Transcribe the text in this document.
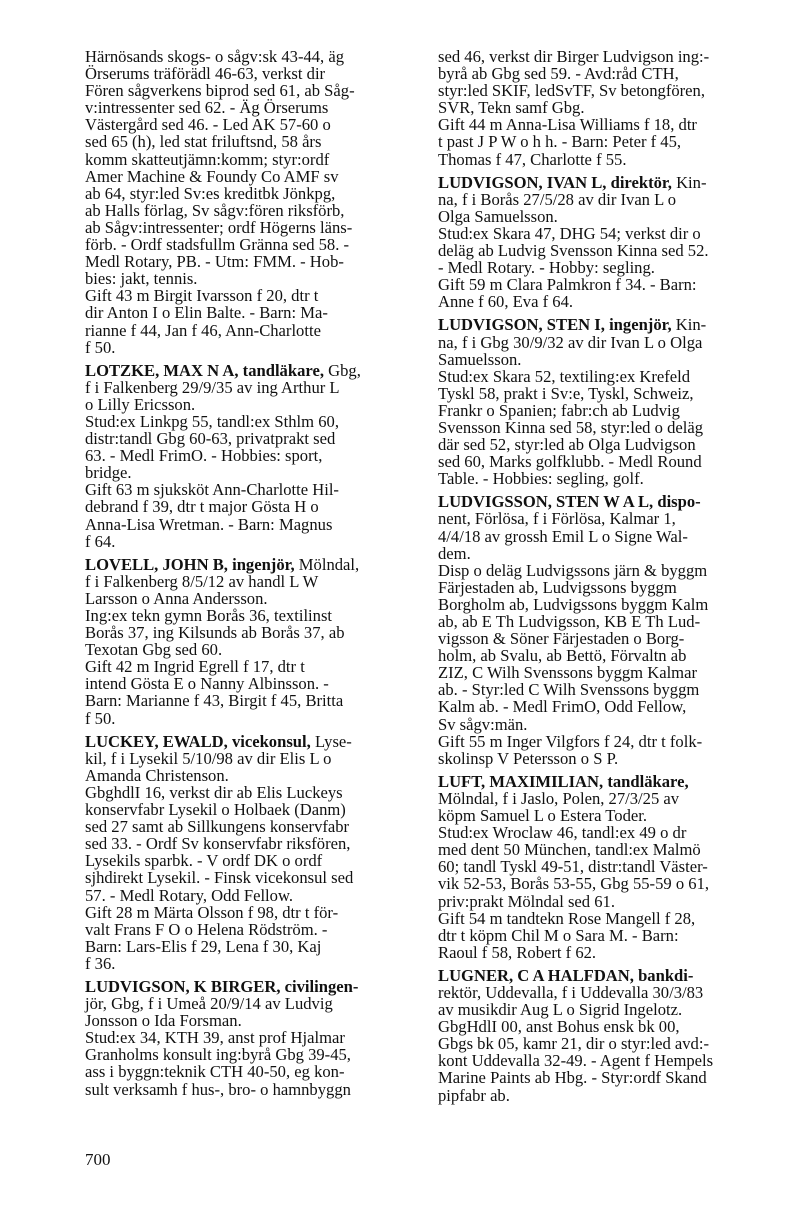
Härnösands skogs- o sågv:sk 43-44, äg
Örserums träförädl 46-63, verkst dir
Fören sågverkens biprod sed 61, ab Såg-
v:intressenter sed 62. - Äg Örserums
Västergård sed 46. - Led AK 57-60 o
sed 65 (h), led stat friluftsnd, 58 års
komm skatteutjämn:komm; styr:ordf
Amer Machine & Foundy Co AMF sv
ab 64, styr:led Sv:es kreditbk Jönkpg,
ab Halls förlag, Sv sågv:fören riksförb,
ab Sågv:intressenter; ordf Högerns läns-
förb. - Ordf stadsfullm Gränna sed 58. -
Medl Rotary, PB. - Utm: FMM. - Hob-
bies: jakt, tennis.
Gift 43 m Birgit Ivarsson f 20, dtr t
dir Anton I o Elin Balte. - Barn: Ma-
rianne f 44, Jan f 46, Ann-Charlotte
f 50.
LOTZKE, MAX N A, tandläkare, Gbg,
f i Falkenberg 29/9/35 av ing Arthur L
o Lilly Ericsson.
Stud:ex Linkpg 55, tandl:ex Sthlm 60,
distr:tandl Gbg 60-63, privatprakt sed
63. - Medl FrimO. - Hobbies: sport,
bridge.
Gift 63 m sjuksköt Ann-Charlotte Hil-
debrand f 39, dtr t major Gösta H o
Anna-Lisa Wretman. - Barn: Magnus
f 64.
LOVELL, JOHN B, ingenjör, Mölndal,
f i Falkenberg 8/5/12 av handl L W
Larsson o Anna Andersson.
Ing:ex tekn gymn Borås 36, textilinst
Borås 37, ing Kilsunds ab Borås 37, ab
Texotan Gbg sed 60.
Gift 42 m Ingrid Egrell f 17, dtr t
intend Gösta E o Nanny Albinsson. -
Barn: Marianne f 43, Birgit f 45, Britta
f 50.
LUCKEY, EWALD, vicekonsul, Lyse-
kil, f i Lysekil 5/10/98 av dir Elis L o
Amanda Christenson.
GbghdlI 16, verkst dir ab Elis Luckeys
konservfabr Lysekil o Holbaek (Danm)
sed 27 samt ab Sillkungens konservfabr
sed 33. - Ordf Sv konservfabr riksfören,
Lysekils sparbk. - V ordf DK o ordf
sjhdirekt Lysekil. - Finsk vicekonsul sed
57. - Medl Rotary, Odd Fellow.
Gift 28 m Märta Olsson f 98, dtr t för-
valt Frans F O o Helena Rödström. -
Barn: Lars-Elis f 29, Lena f 30, Kaj
f 36.
LUDVIGSON, K BIRGER, civilingen-
jör, Gbg, f i Umeå 20/9/14 av Ludvig
Jonsson o Ida Forsman.
Stud:ex 34, KTH 39, anst prof Hjalmar
Granholms konsult ing:byrå Gbg 39-45,
ass i byggn:teknik CTH 40-50, eg kon-
sult verksamh f hus-, bro- o hamnbyggn
sed 46, verkst dir Birger Ludvigson ing:-
byrå ab Gbg sed 59. - Avd:råd CTH,
styr:led SKIF, ledSvTF, Sv betongfören,
SVR, Tekn samf Gbg.
Gift 44 m Anna-Lisa Williams f 18, dtr
t past J P W o h h. - Barn: Peter f 45,
Thomas f 47, Charlotte f 55.
LUDVIGSON, IVAN L, direktör, Kin-
na, f i Borås 27/5/28 av dir Ivan L o
Olga Samuelsson.
Stud:ex Skara 47, DHG 54; verkst dir o
deläg ab Ludvig Svensson Kinna sed 52.
- Medl Rotary. - Hobby: segling.
Gift 59 m Clara Palmkron f 34. - Barn:
Anne f 60, Eva f 64.
LUDVIGSON, STEN I, ingenjör, Kin-
na, f i Gbg 30/9/32 av dir Ivan L o Olga
Samuelsson.
Stud:ex Skara 52, textiling:ex Krefeld
Tyskl 58, prakt i Sv:e, Tyskl, Schweiz,
Frankr o Spanien; fabr:ch ab Ludvig
Svensson Kinna sed 58, styr:led o deläg
där sed 52, styr:led ab Olga Ludvigson
sed 60, Marks golfklubb. - Medl Round
Table. - Hobbies: segling, golf.
LUDVIGSSON, STEN W A L, dispo-
nent, Förlösa, f i Förlösa, Kalmar 1,
4/4/18 av grossh Emil L o Signe Wal-
dem.
Disp o deläg Ludvigssons järn & byggm
Färjestaden ab, Ludvigssons byggm
Borgholm ab, Ludvigssons byggm Kalm
ab, ab E Th Ludvigsson, KB E Th Lud-
vigsson & Söner Färjestaden o Borg-
holm, ab Svalu, ab Bettö, Förvaltn ab
ZIZ, C Wilh Svenssons byggm Kalmar
ab. - Styr:led C Wilh Svenssons byggm
Kalm ab. - Medl FrimO, Odd Fellow,
Sv sågv:män.
Gift 55 m Inger Vilgfors f 24, dtr t folk-
skolinsp V Petersson o S P.
LUFT, MAXIMILIAN, tandläkare,
Mölndal, f i Jaslo, Polen, 27/3/25 av
köpm Samuel L o Estera Toder.
Stud:ex Wroclaw 46, tandl:ex 49 o dr
med dent 50 München, tandl:ex Malmö
60; tandl Tyskl 49-51, distr:tandl Väster-
vik 52-53, Borås 53-55, Gbg 55-59 o 61,
priv:prakt Mölndal sed 61.
Gift 54 m tandtekn Rose Mangell f 28,
dtr t köpm Chil M o Sara M. - Barn:
Raoul f 58, Robert f 62.
LUGNER, C A HALFDAN, bankdi-
rektör, Uddevalla, f i Uddevalla 30/3/83
av musikdir Aug L o Sigrid Ingelotz.
GbgHdlI 00, anst Bohus ensk bk 00,
Gbgs bk 05, kamr 21, dir o styr:led avd:-
kont Uddevalla 32-49. - Agent f Hempels
Marine Paints ab Hbg. - Styr:ordf Skand
pipfabr ab.
700
